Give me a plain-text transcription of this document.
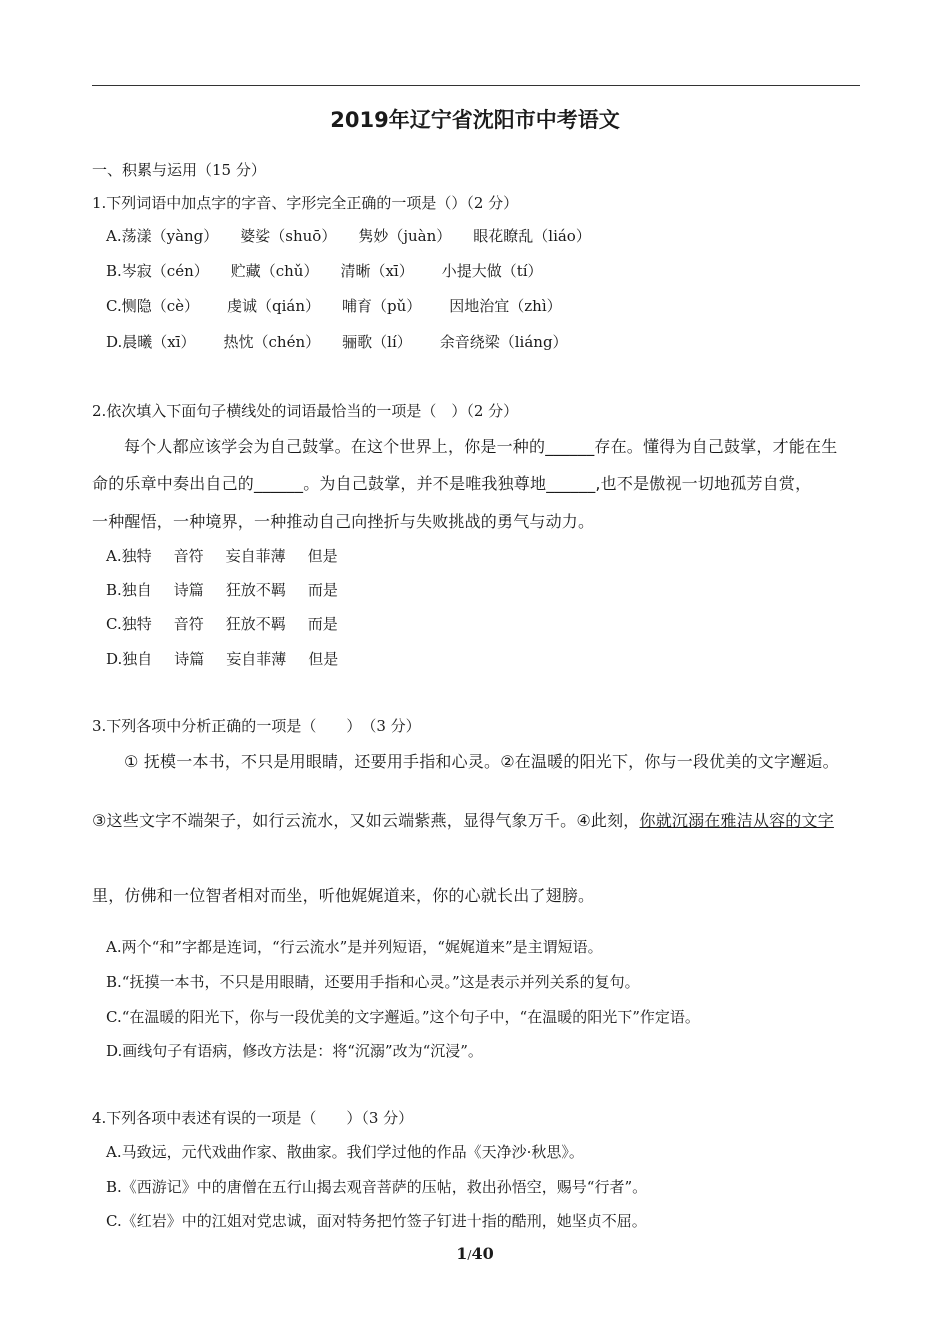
2019年辽宁省沈阳市中考语文
一、积累与运用（15 分）
1.下列词语中加点字的字音、字形完全正确的一项是（）（2 分）
A.荡漾（yàng） 婆娑（shuō） 隽妙（juàn） 眼花瞭乱（liáo）
B.岑寂（cén） 贮藏（chǔ） 清晰（xī） 小提大做（tí）
C.恻隐（cè） 虔诚（qián） 哺育（pǔ） 因地治宜（zhì）
D.晨曦（xī） 热忱（chén） 骊歌（lí） 余音绕梁（liáng）
2.依次填入下面句子横线处的词语最恰当的一项是（　）（2 分）
每个人都应该学会为自己鼓掌。在这个世界上，你是一种的______存在。懂得为自己鼓掌，才能在生
命的乐章中奏出自己的______。为自己鼓掌，并不是唯我独尊地______,也不是傲视一切地孤芳自赏，
一种醒悟，一种境界，一种推动自己向挫折与失败挑战的勇气与动力。
A.独特 音符 妄自菲薄 但是
B.独自 诗篇 狂放不羁 而是
C.独特 音符 狂放不羁 而是
D.独自 诗篇 妄自菲薄 但是
3.下列各项中分析正确的一项是（　　）　（3 分）
① 抚模一本书，不只是用眼睛，还要用手指和心灵。②在温暖的阳光下，你与一段优美的文字邂逅。
③这些文字不端架子，如行云流水，又如云端紫燕，显得气象万千。④此刻，你就沉溺在雅洁从容的文字
里，仿佛和一位智者相对而坐，听他娓娓道来，你的心就长出了翅膀。
A.两个“和”字都是连词，“行云流水”是并列短语，“娓娓道来”是主谓短语。
B.“抚摸一本书，不只是用眼睛，还要用手指和心灵。”这是表示并列关系的复句。
C.“在温暖的阳光下，你与一段优美的文字邂逅。”这个句子中，“在温暖的阳光下”作定语。
D.画线句子有语病，修改方法是：将“沉溺”改为“沉浸”。
4.下列各项中表述有误的一项是（　　）（3 分）
A.马致远，元代戏曲作家、散曲家。我们学过他的作品《天净沙·秋思》。
B.《西游记》中的唐僧在五行山揭去观音菩萨的压帖，救出孙悟空，赐号“行者”。
C.《红岩》中的江姐对党忠诚，面对特务把竹签子钉进十指的酷刑，她坚贞不屈。
1/40
